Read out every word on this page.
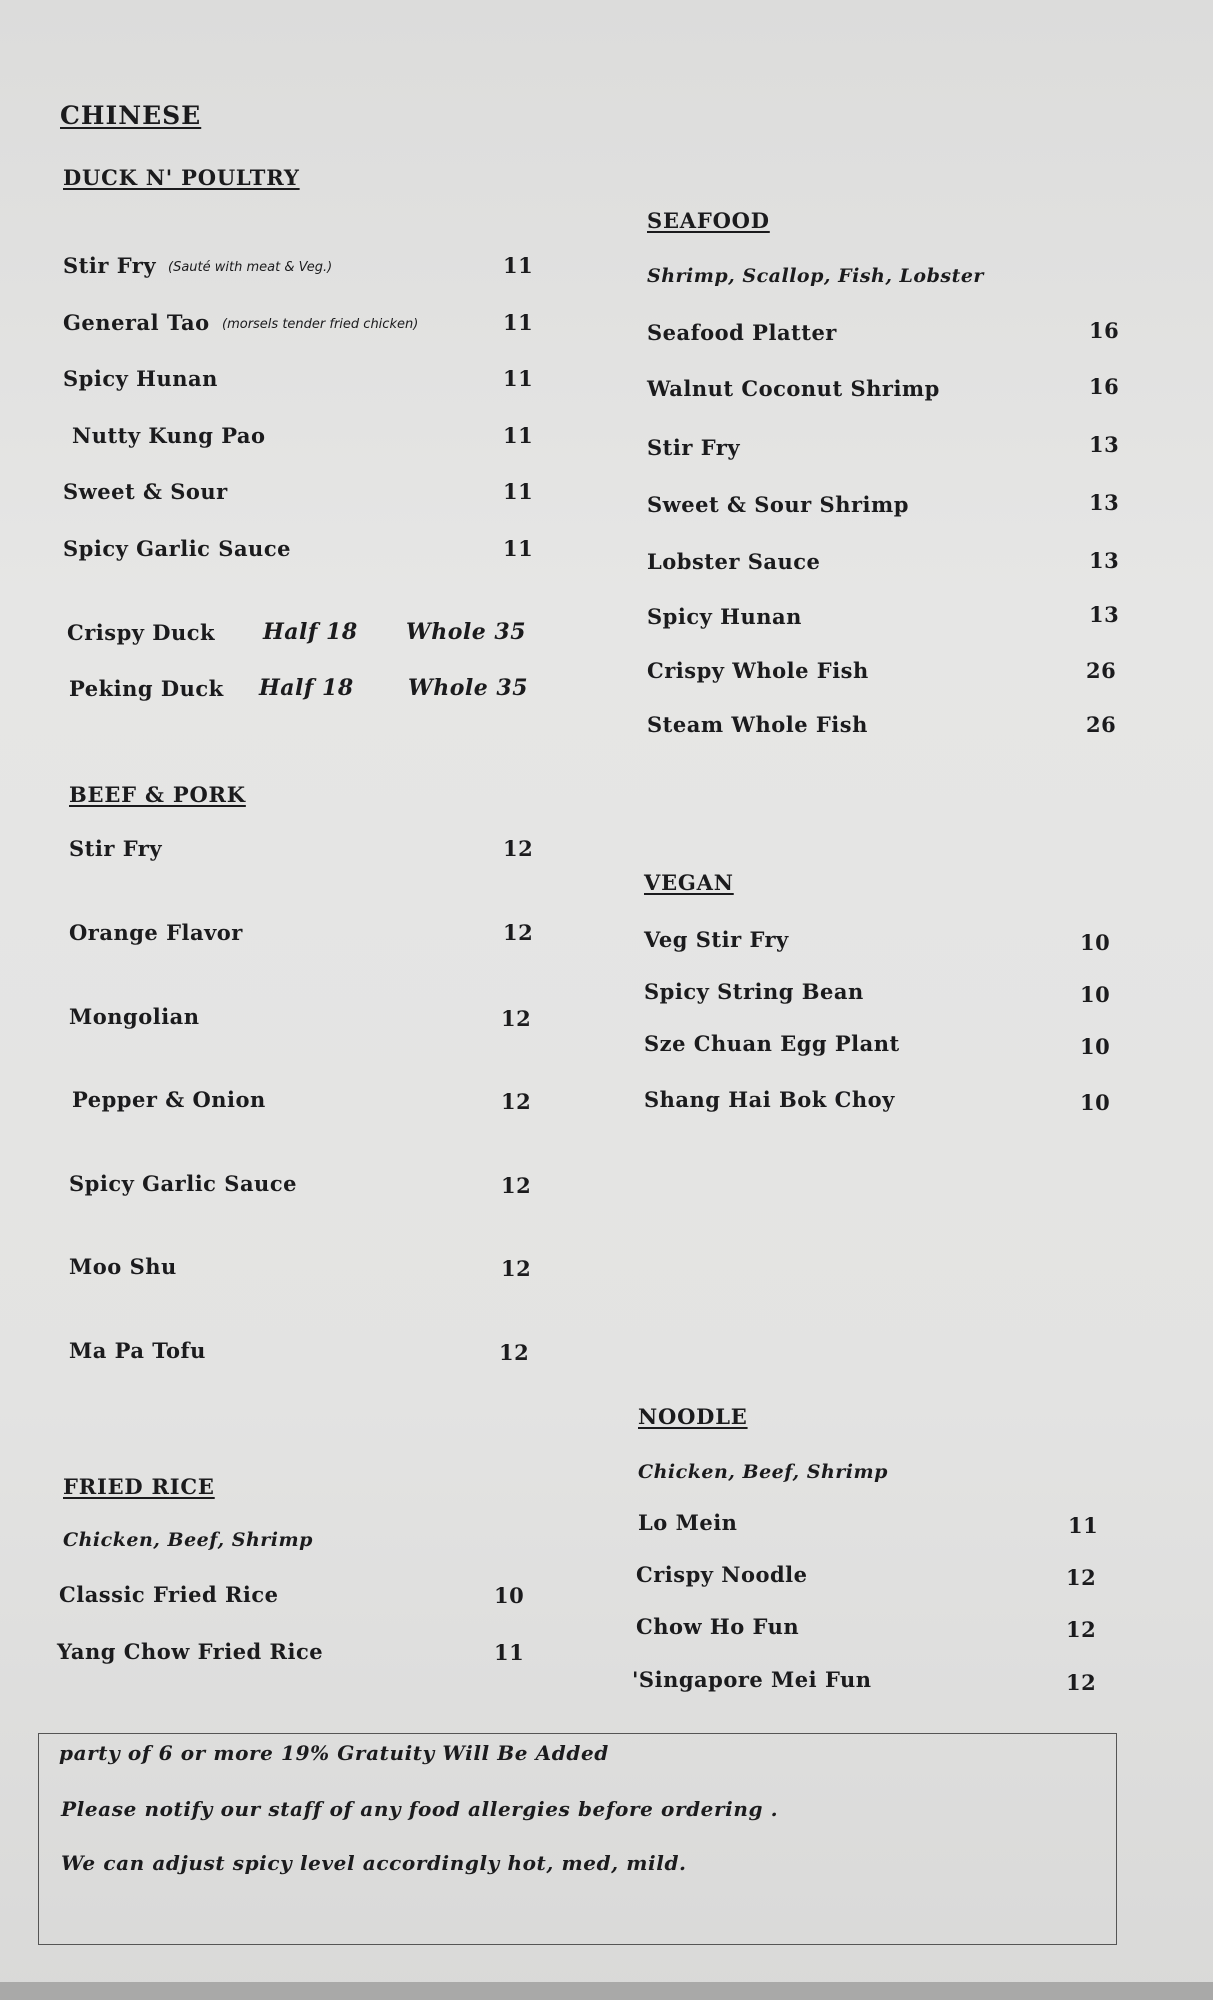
CHINESE
DUCK N' POULTRY
Stir Fry (Sauté with meat & Veg.)	11
General Tao (morsels tender fried chicken)	11
Spicy Hunan	11
Nutty Kung Pao	11
Sweet & Sour	11
Spicy Garlic Sauce	11
Crispy Duck Half 18 Whole 35
Peking Duck Half 18 Whole 35
BEEF & PORK
Stir Fry	12
Orange Flavor	12
Mongolian	12
Pepper & Onion	12
Spicy Garlic Sauce	12
Moo Shu	12
Ma Pa Tofu	12
FRIED RICE
Chicken, Beef, Shrimp
Classic Fried Rice	10
Yang Chow Fried Rice	11
SEAFOOD
Shrimp, Scallop, Fish, Lobster
Seafood Platter	16
Walnut Coconut Shrimp	16
Stir Fry	13
Sweet & Sour Shrimp	13
Lobster Sauce	13
Spicy Hunan	13
Crispy Whole Fish	26
Steam Whole Fish	26
VEGAN
Veg Stir Fry	10
Spicy String Bean	10
Sze Chuan Egg Plant	10
Shang Hai Bok Choy	10
NOODLE
Chicken, Beef, Shrimp
Lo Mein	11
Crispy Noodle	12
Chow Ho Fun	12
'Singapore Mei Fun	12
party of 6 or more 19% Gratuity Will Be Added
Please notify our staff of any food allergies before ordering .
We can adjust spicy level accordingly hot, med, mild.
